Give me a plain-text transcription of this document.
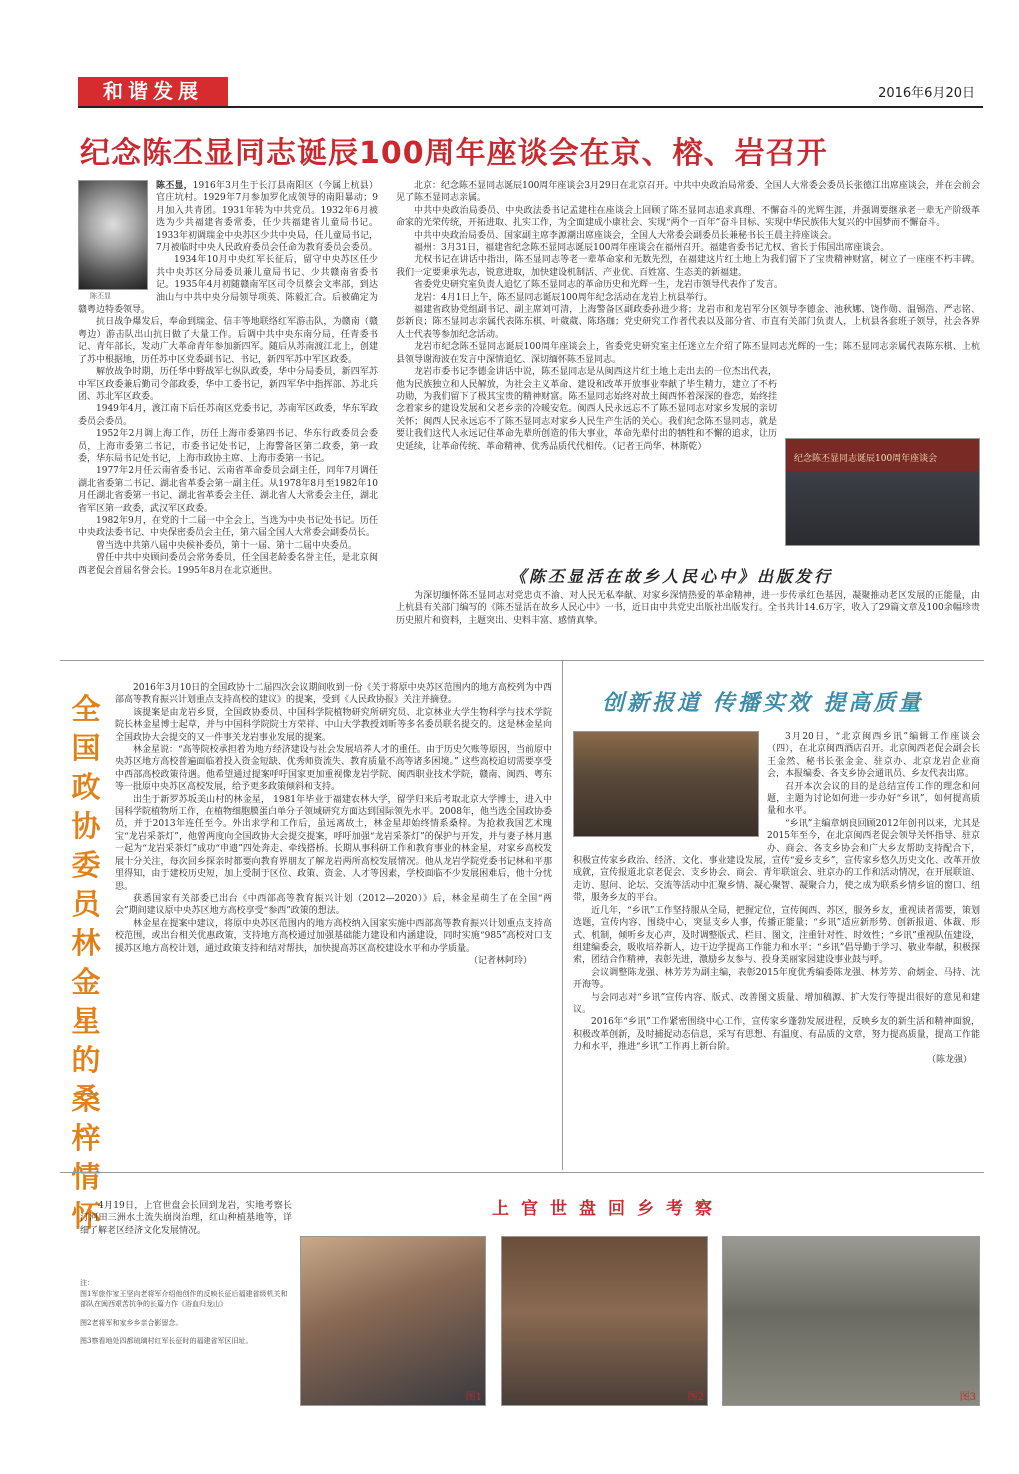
和谐发展	2016年6月20日
纪念陈丕显同志诞辰100周年座谈会在京、榕、岩召开
陈丕显

陈丕显，1916年3月生于长汀县南阳区（今属上杭县）官庄坑村。1929年7月参加罗化成领导的南阳暴动；9月加入共青团。1931年转为中共党员。1932年6月被选为少共福建省委常委，任少共福建省儿童局书记。1933年初调瑞金中央苏区少共中央局，任儿童局书记，7月被临时中央人民政府委员会任命为教育委员会委员。

1934年10月中央红军长征后，留守中央苏区任少共中央苏区分局委员兼儿童局书记、少共赣南省委书记。1935年4月初随赣南军区司令员蔡会文率部，到达油山与中共中央分局领导项英、陈毅汇合。后被确定为赣粤边特委领导。

抗日战争爆发后，奉命到瑞金、信丰等地联络红军游击队，为赣南（赣粤边）游击队出山抗日做了大量工作。后调中共中央东南分局，任青委书记、青年部长，发动广大革命青年参加新四军。随后从苏南渡江北上，创建了苏中根据地，历任苏中区党委副书记、书记，新四军苏中军区政委。

解放战争时期，历任华中野战军七纵队政委，华中分局委员，新四军苏中军区政委兼后勤司令部政委，华中工委书记，新四军华中指挥部、苏北兵团、苏北军区政委。

1949年4月，渡江南下后任苏南区党委书记，苏南军区政委，华东军政委员会委员。

1952年2月调上海工作，历任上海市委第四书记、华东行政委员会委员，上海市委第二书记，市委书记处书记，上海警备区第二政委，第一政委，华东局书记处书记，上海市政协主席、上海市委第一书记。

1977年2月任云南省委书记、云南省革命委员会副主任，同年7月调任湖北省委第二书记、湖北省革委会第一副主任。从1978年8月至1982年10月任湖北省委第一书记、湖北省革委会主任、湖北省人大常委会主任，湖北省军区第一政委，武汉军区政委。

1982年9月，在党的十二届一中全会上，当选为中央书记处书记。历任中央政法委书记、中央保密委员会主任，第六届全国人大常委会副委员长。

曾当选中共第八届中央候补委员，第十一届、第十二届中央委员。

曾任中共中央顾问委员会常务委员，任全国老龄委名誉主任，是北京闽西老促会首届名誉会长。1995年8月在北京逝世。

北京：纪念陈丕显同志诞辰100周年座谈会3月29日在北京召开。中共中央政治局常委、全国人大常委会委员长张德江出席座谈会，并在会前会见了陈丕显同志亲属。

中共中央政治局委员、中央政法委书记孟建柱在座谈会上回顾了陈丕显同志追求真理、不懈奋斗的光辉生涯，并强调要继承老一辈无产阶级革命家的光荣传统，开拓进取、扎实工作，为全面建成小康社会、实现“两个一百年”奋斗目标、实现中华民族伟大复兴的中国梦而不懈奋斗。

中共中央政治局委员、国家副主席李源潮出席座谈会，全国人大常委会副委员长兼秘书长王晨主持座谈会。

福州：3月31日，福建省纪念陈丕显同志诞辰100周年座谈会在福州召开。福建省委书记尤权、省长于伟国出席座谈会。

尤权书记在讲话中指出，陈丕显同志等老一辈革命家和无数先烈，在福建这片红土地上为我们留下了宝贵精神财富，树立了一座座不朽丰碑。我们一定要秉承先志，锐意进取，加快建设机制活、产业优、百姓富、生态美的新福建。

省委党史研究室负责人追忆了陈丕显同志的革命历史和光辉一生，龙岩市领导代表作了发言。

龙岩：4月1日上午，陈丕显同志诞辰100周年纪念活动在龙岩上杭县举行。

福建省政协党组副书记、副主席刘可清，上海警备区副政委孙进少将；龙岩市和龙岩军分区领导李德金、池秋娜、饶作勋、温锡浩、严志铭、彭新良；陈丕显同志亲属代表陈东棋、叶葳葳、陈珞珈；党史研究工作者代表以及部分省、市直有关部门负责人，上杭县各套班子领导，社会各界人士代表等参加纪念活动。

龙岩市纪念陈丕显同志诞辰100周年座谈会上，省委党史研究室主任迷立左介绍了陈丕显同志光辉的一生；陈丕显同志亲属代表陈东棋、上杭县领导谢海波在发言中深情追忆、深切缅怀陈丕显同志。

龙岩市委书记李德金讲话中说，陈丕显同志是从闽西这片红土地上走出去的一位杰出代表，他为民族独立和人民解放，为社会主义革命、建设和改革开放事业奉献了毕生精力，建立了不朽功勋，为我们留下了极其宝贵的精神财富。陈丕显同志始终对故土闽西怀着深深的眷恋，始终挂念着家乡的建设发展和父老乡亲的冷暖安危。闽西人民永远忘不了陈丕显同志对家乡发展的亲切关怀；闽西人民永远忘不了陈丕显同志对家乡人民生产生活的关心。我们纪念陈丕显同志，就是要让我们这代人永远记住革命先辈所创造的伟大事业，革命先辈付出的牺牲和不懈的追求，让历史延续，让革命传统、革命精神、优秀品质代代相传。（记者王尚华、林斯乾）

纪念陈丕显同志诞辰100周年座谈会
《陈丕显活在故乡人民心中》出版发行

为深切缅怀陈丕显同志对党忠贞不渝、对人民无私奉献、对家乡深情热爱的革命精神，进一步传承红色基因，凝聚推动老区发展的正能量，由上杭县有关部门编写的《陈丕显活在故乡人民心中》一书，近日由中共党史出版社出版发行。全书共计14.6万字，收入了29篇文章及100余幅珍贵历史照片和资料，主题突出、史料丰富、感情真挚。

全国政协委员林金星的桑梓情怀

2016年3月10日的全国政协十二届四次会议期间收到一份《关于将原中央苏区范围内的地方高校列为中西部高等教育振兴计划重点支持高校的建议》的提案，受到《人民政协报》关注并摘登。

该提案是由龙岩乡贤，全国政协委员、中国科学院植物研究所研究员、北京林业大学生物科学与技术学院院长林金星博士起草，并与中国科学院院士方荣祥、中山大学教授刘昕等多名委员联名提交的。这是林金星向全国政协大会提交的又一件事关龙岩事业发展的提案。

林金星说：“高等院校承担着为地方经济建设与社会发展培养人才的重任。由于历史欠账等原因，当前原中央苏区地方高校普遍面临着投入资金短缺、优秀师资流失、教育质量不高等诸多困境。” 这些高校迫切需要享受中西部高校政策待遇。他希望通过提案呼吁国家更加重视像龙岩学院、闽西职业技术学院，赣南、闽西、粤东等一批原中央苏区高校发展，给予更多政策倾斜和支持。

出生于新罗苏坂美山村的林金星， 1981年毕业于福建农林大学，留学归来后考取北京大学博士，进入中国科学院植物所工作，在植物细胞膜蛋白单分子领域研究方面达到国际领先水平。2008年，他当选全国政协委员，并于2013年连任至今。外出求学和工作后，虽远离故土，林金星却始终情系桑梓。为抢救我国艺术瑰宝“龙岩采茶灯”，他曾两度向全国政协大会提交提案，呼吁加强“龙岩采茶灯”的保护与开发，并与妻子林月惠一起为“龙岩采茶灯”成功“申遗”四处奔走、牵线搭桥。长期从事科研工作和教育事业的林金星，对家乡高校发展十分关注，每次回乡探亲时都要向教育界朋友了解龙岩两所高校发展情况。他从龙岩学院党委书记林和平那里得知，由于建校历史短，加上受制于区位、政策、资金、人才等因素，学校面临不少发展困难后，他十分忧思。

获悉国家有关部委已出台《中西部高等教育振兴计划（2012—2020）》后，林金星萌生了在全国“两会”期间建议原中央苏区地方高校享受“参西”政策的想法。

林金星在提案中建议，将原中央苏区范围内的地方高校纳入国家实施中西部高等教育振兴计划重点支持高校范围，或出台相关优惠政策，支持地方高校通过加强基础能力建设和内涵建设，同时实施“985”高校对口支援苏区地方高校计划，通过政策支持和结对帮扶，加快提高苏区高校建设水平和办学质量。

（记者林阿玲）

创新报道 传播实效 提高质量

3月20日，“北京闽西乡讯”编辑工作座谈会（四），在北京闽西酒店召开。北京闽西老促会副会长王金然、秘书长张金金、驻京办、北京龙岩企业商会，本报编委、各支乡协会通讯员、乡友代表出席。

召开本次会议的目的是总结宣传工作的理念和问题，主题为讨论如何进一步办好“乡讯”，如何提高质量和水平。

“乡讯”主编章炳良回顾2012年创刊以来，尤其是2015年至今，在北京闽西老促会领导关怀指导、驻京办、商会、各支乡协会和广大乡友帮助支持配合下，积极宣传家乡政治、经济、文化、事业建设发展，宣传“爱乡支乡”，宣传家乡悠久历史文化、改革开放成就，宣传报道北京老促会、支乡协会、商会、青年联谊会、驻京办的工作和活动情况，在开展联谊、走访、慰问、论坛、交流等活动中汇聚乡情、凝心聚智、凝聚合力，使之成为联系乡情乡谊的窗口、纽带，服务乡友的平台。

近几年，“乡讯”工作坚持服从全局，把握定位，宣传闽西、苏区，服务乡友，重视读者需要，策划选题，宣传内容、围绕中心，突显支乡人事，传播正能量；“乡讯”适应新形势、创新报道、体裁、形式、机制，倾听乡友心声，及时调整版式、栏目、图文，注重针对性、时效性；“乡讯”重视队伍建设，组建编委会，吸收培养新人，边干边学提高工作能力和水平；“乡讯”倡导勤于学习、敬业奉献，积极探索，团结合作精神，表彰先进，激励乡友参与、投身美丽家园建设事业鼓与呼。

会议调整陈龙强、林芳芳为副主编，表彰2015年度优秀编委陈龙强、林芳芳、俞炳金、马持、沈开海等。

与会同志对“乡讯”宣传内容、版式、改善图文质量、增加稿源、扩大发行等提出很好的意见和建议。

2016年“乡讯”工作紧密围绕中心工作，宣传家乡蓬勃发展进程，反映乡友的新生活和精神面貌，积极改革创新，及时捕捉动态信息，采写有思想、有温度、有品质的文章，努力提高质量，提高工作能力和水平，推进“乡讯”工作再上新台阶。

（陈龙强）

上官世盘回乡考察

4月19日，上官世盘会长回到龙岩，实地考察长汀河田三洲水土流失崩岗治理，红山种植基地等，详细了解老区经济文化发展情况。

注：
图1军旅作家王坚向老将军介绍他创作的反映长征后福建省级机关和部队在闽西艰苦抗争的长篇力作《浴血归龙山》
图2老将军和家乡乡亲合影留念。
图3察看地处四都琉璃村红军长征时的福建省军区旧址。
图1	图2	图3
